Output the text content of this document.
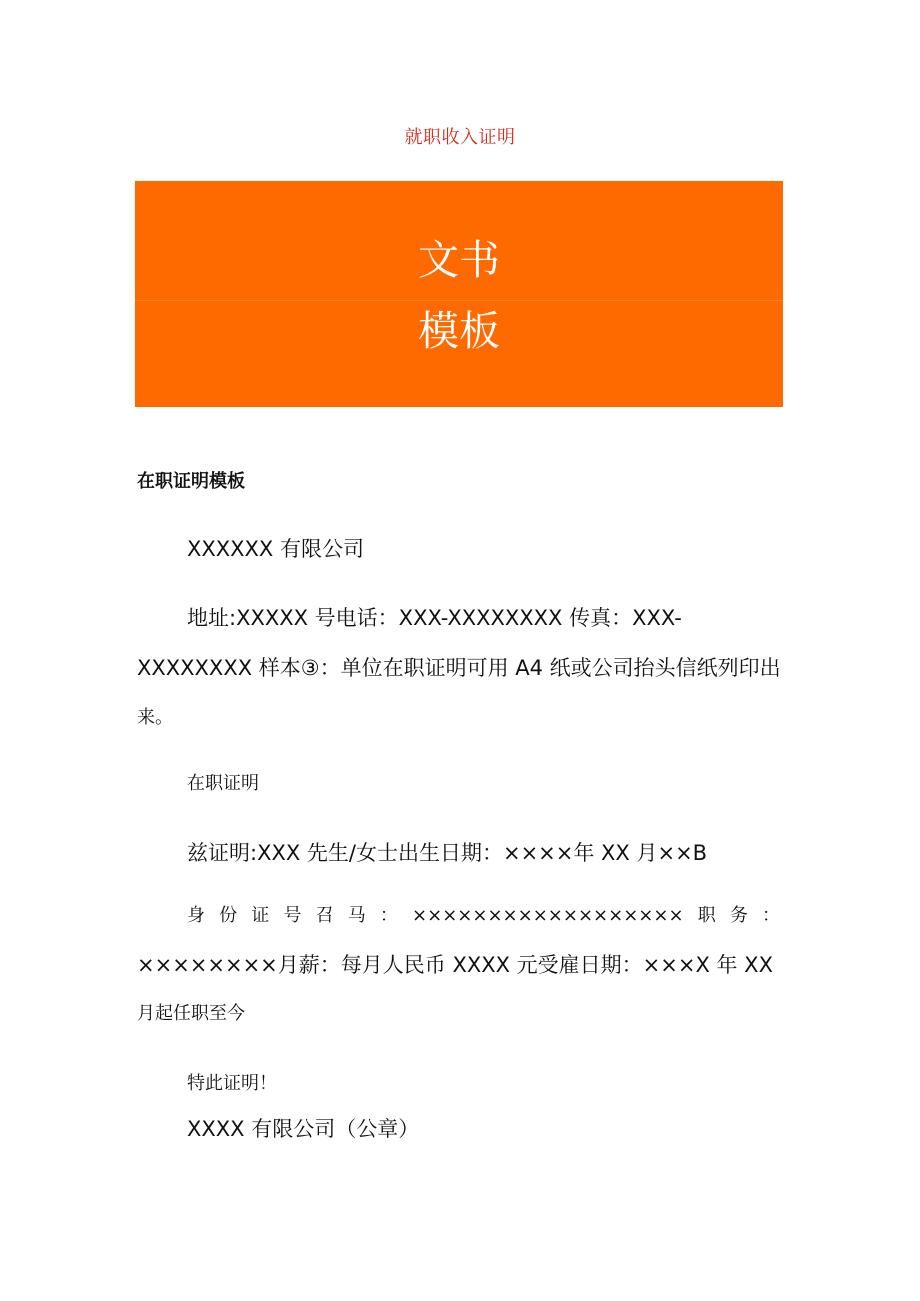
就职收入证明
文书
模板
在职证明模板
XXXXXX 有限公司
地址:XXXXX 号电话：XXX-XXXXXXXX 传真：XXX-
XXXXXXXX 样本③：单位在职证明可用 A4 纸或公司抬头信纸列印出
来。
在职证明
兹证明:XXX 先生/女士出生日期：××××年 XX 月××B
身份证号召马：××××××××××××××××××职务：
××××××××月薪：每月人民币 XXXX 元受雇日期：×××X 年 XX
月起任职至今
特此证明！
XXXX 有限公司（公章）
